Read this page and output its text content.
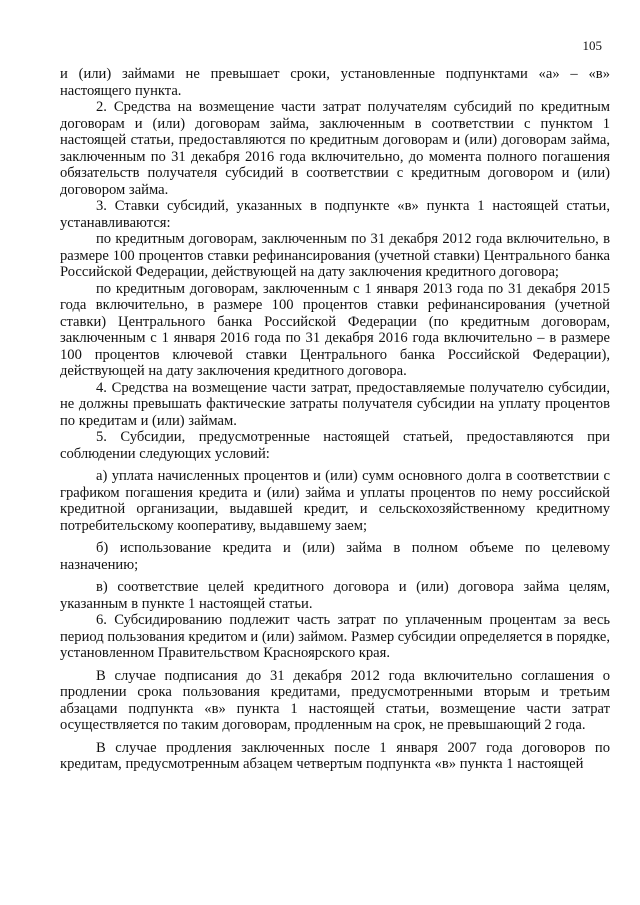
105

и (или) займами не превышает сроки, установленные подпунктами «а» – «в» настоящего пункта.

2. Средства на возмещение части затрат получателям субсидий по кредитным договорам и (или) договорам займа, заключенным в соответствии с пунктом 1 настоящей статьи, предоставляются по кредитным договорам и (или) договорам займа, заключенным по 31 декабря 2016 года включительно, до момента полного погашения обязательств получателя субсидий в соответствии с кредитным договором и (или) договором займа.

3. Ставки субсидий, указанных в подпункте «в» пункта 1 настоящей статьи, устанавливаются:

по кредитным договорам, заключенным по 31 декабря 2012 года включительно, в размере 100 процентов ставки рефинансирования (учетной ставки) Центрального банка Российской Федерации, действующей на дату заключения кредитного договора;

по кредитным договорам, заключенным с 1 января 2013 года по 31 декабря 2015 года включительно, в размере 100 процентов ставки рефинансирования (учетной ставки) Центрального банка Российской Федерации (по кредитным договорам, заключенным с 1 января 2016 года по 31 декабря 2016 года включительно – в размере 100 процентов ключевой ставки Центрального банка Российской Федерации), действующей на дату заключения кредитного договора.

4. Средства на возмещение части затрат, предоставляемые получателю субсидии, не должны превышать фактические затраты получателя субсидии на уплату процентов по кредитам и (или) займам.

5. Субсидии, предусмотренные настоящей статьей, предоставляются при соблюдении следующих условий:

а) уплата начисленных процентов и (или) сумм основного долга в соответствии с графиком погашения кредита и (или) займа и уплаты процентов по нему российской кредитной организации, выдавшей кредит, и сельскохозяйственному кредитному потребительскому кооперативу, выдавшему заем;

б) использование кредита и (или) займа в полном объеме по целевому назначению;

в) соответствие целей кредитного договора и (или) договора займа целям, указанным в пункте 1 настоящей статьи.

6. Субсидированию подлежит часть затрат по уплаченным процентам за весь период пользования кредитом и (или) займом. Размер субсидии определяется в порядке, установленном Правительством Красноярского края.

В случае подписания до 31 декабря 2012 года включительно соглашения о продлении срока пользования кредитами, предусмотренными вторым и третьим абзацами подпункта «в» пункта 1 настоящей статьи, возмещение части затрат осуществляется по таким договорам, продленным на срок, не превышающий 2 года.

В случае продления заключенных после 1 января 2007 года договоров по кредитам, предусмотренным абзацем четвертым подпункта «в» пункта 1 настоящей
